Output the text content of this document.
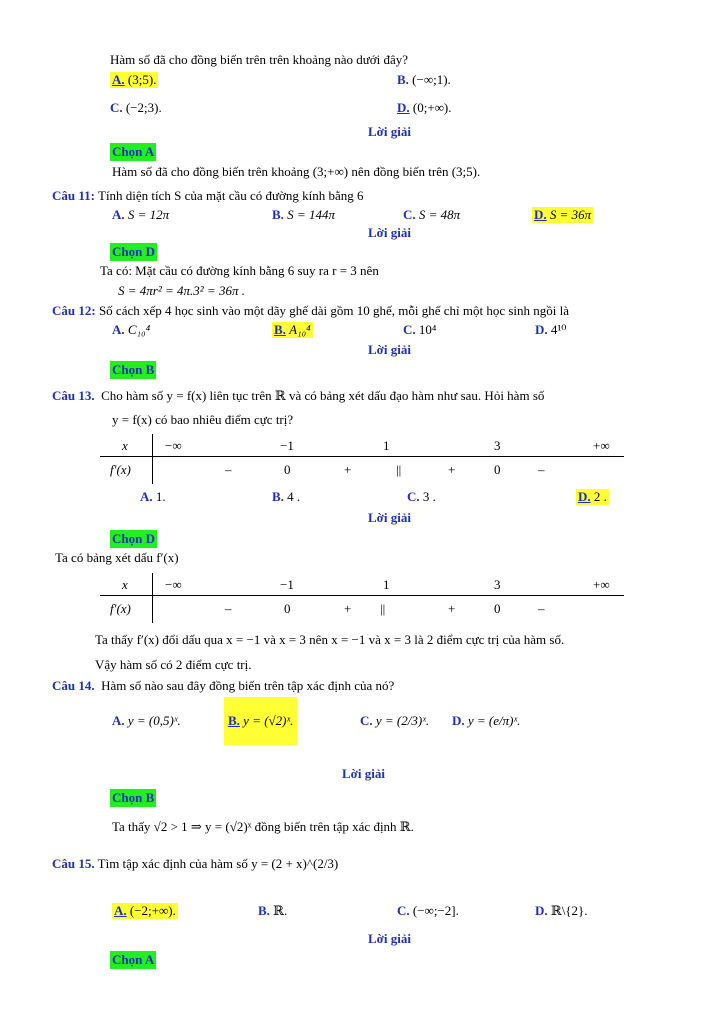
Hàm số đã cho đồng biến trên trên khoảng nào dưới đây?
A. (3;5).	B. (−∞;1).
C. (−2;3).	D. (0;+∞).
Lời giải
Chọn A
Hàm số đã cho đồng biến trên khoảng (3;+∞) nên đồng biến trên (3;5).
Câu 11: Tính diện tích S của mặt cầu có đường kính bằng 6
A. S = 12π	B. S = 144π	C. S = 48π	D. S = 36π
Lời giải
Chọn D
Ta có: Mặt cầu có đường kính bằng 6 suy ra r = 3 nên
S = 4πr² = 4π.3² = 36π .
Câu 12: Số cách xếp 4 học sinh vào một dãy ghế dài gồm 10 ghế, mỗi ghế chỉ một học sinh ngồi là
A. C₁₀⁴	B. A₁₀⁴	C. 10⁴	D. 4¹⁰
Lời giải
Chọn B
Câu 13. Cho hàm số y = f(x) liên tục trên ℝ và có bảng xét dấu đạo hàm như sau. Hỏi hàm số
y = f(x) có bao nhiêu điểm cực trị?
x	−∞	−1	1	3	+∞
f′(x)	–	0	+	||	+	0	–
A. 1.	B. 4 .	C. 3 .	D. 2 .
Lời giải
Chọn D
Ta có bảng xét dấu f′(x)
x	−∞	−1	1	3	+∞
f′(x)	–	0	+ ||	+	0	–
Ta thấy f′(x) đổi dấu qua x = −1 và x = 3 nên x = −1 và x = 3 là 2 điểm cực trị của hàm số.
Vậy hàm số có 2 điểm cực trị.
Câu 14. Hàm số nào sau đây đồng biến trên tập xác định của nó?
A. y = (0,5)ˣ.	B. y = (√2)ˣ.	C. y = (2/3)ˣ. D. y = (e/π)ˣ.
Lời giải
Chọn B
Ta thấy √2 > 1 ⇒ y = (√2)ˣ đồng biến trên tập xác định ℝ.
Câu 15. Tìm tập xác định của hàm số y = (2 + x)^(2/3)
A. (−2;+∞).	B. ℝ.	C. (−∞;−2].	D. ℝ\{2}.
Lời giải
Chọn A
